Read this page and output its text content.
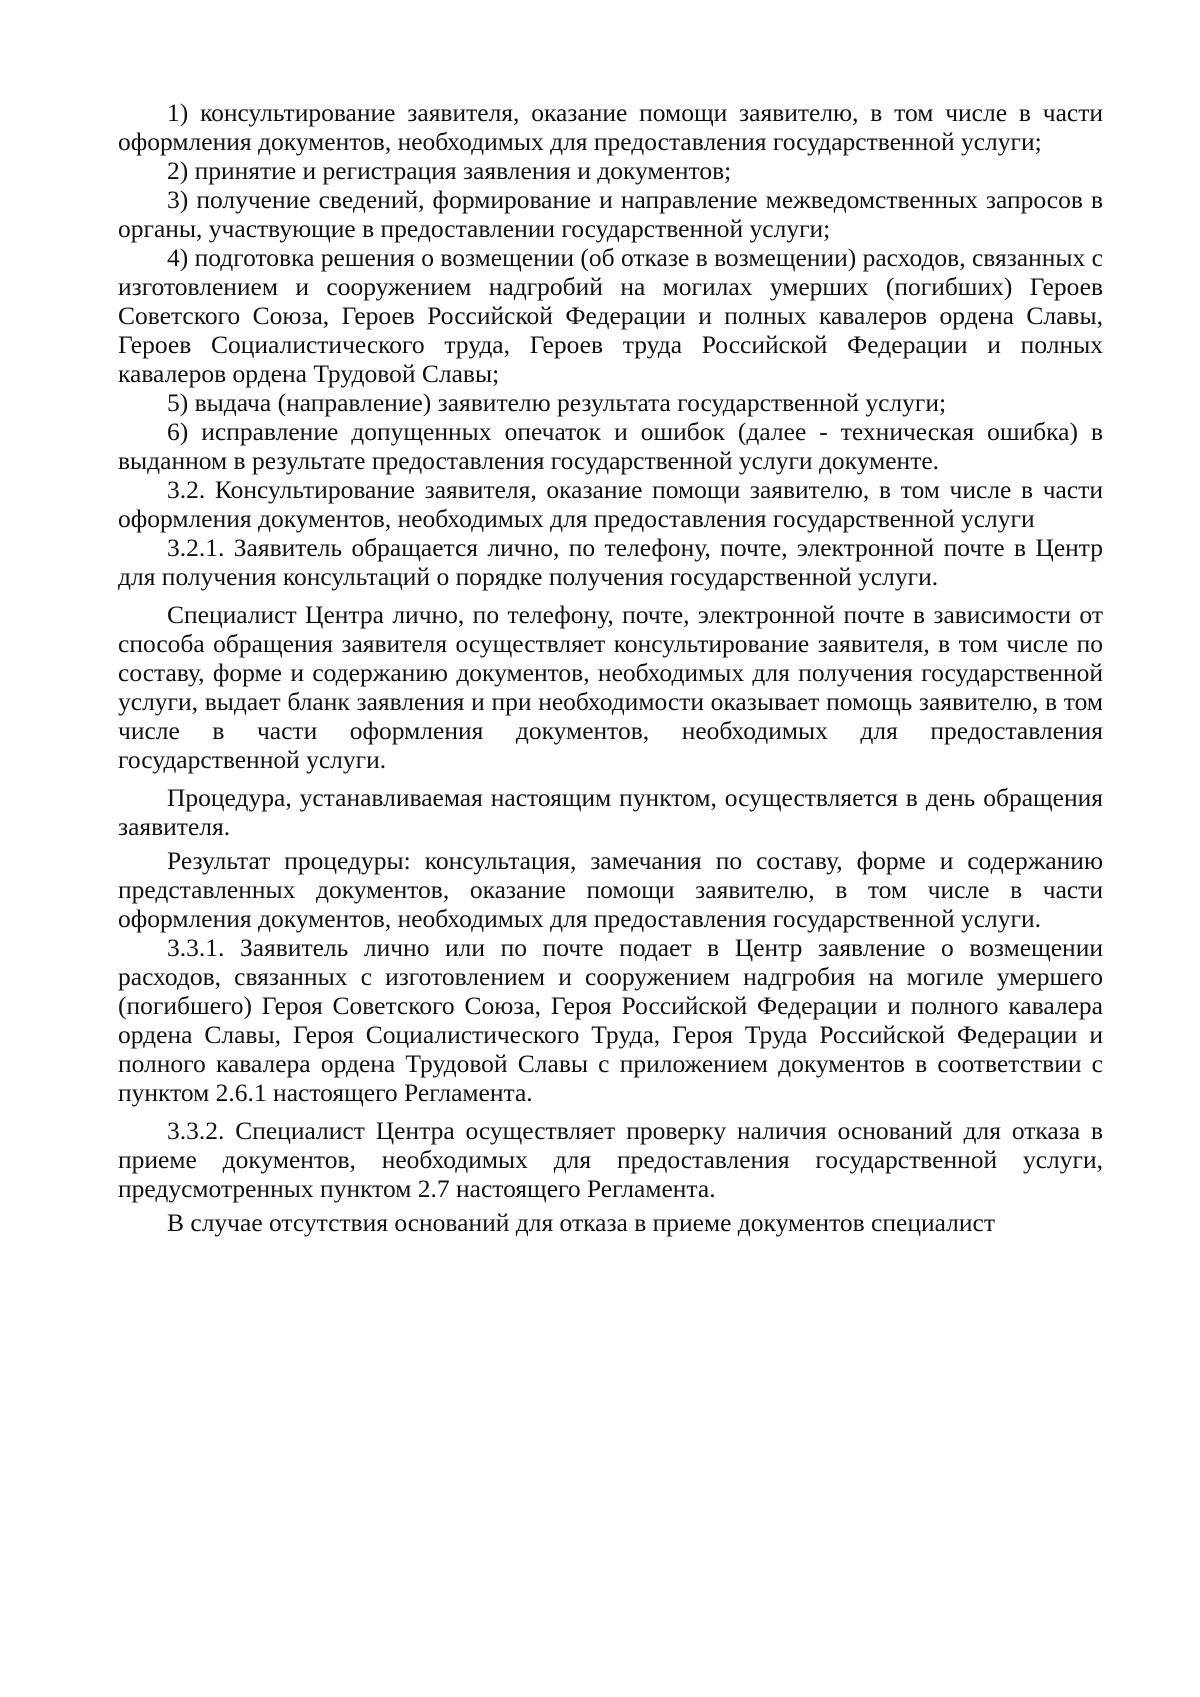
1) консультирование заявителя, оказание помощи заявителю, в том числе в части оформления документов, необходимых для предоставления государственной услуги;

2) принятие и регистрация заявления и документов;

3) получение сведений, формирование и направление межведомственных запросов в органы, участвующие в предоставлении государственной услуги;

4) подготовка решения о возмещении (об отказе в возмещении) расходов, связанных с изготовлением и сооружением надгробий на могилах умерших (погибших) Героев Советского Союза, Героев Российской Федерации и полных кавалеров ордена Славы, Героев Социалистического труда, Героев труда Российской Федерации и полных кавалеров ордена Трудовой Славы;

5) выдача (направление) заявителю результата государственной услуги;

6) исправление допущенных опечаток и ошибок (далее - техническая ошибка) в выданном в результате предоставления государственной услуги документе.

3.2. Консультирование заявителя, оказание помощи заявителю, в том числе в части оформления документов, необходимых для предоставления государственной услуги

3.2.1. Заявитель обращается лично, по телефону, почте, электронной почте в Центр для получения консультаций о порядке получения государственной услуги.

Специалист Центра лично, по телефону, почте, электронной почте в зависимости от способа обращения заявителя осуществляет консультирование заявителя, в том числе по составу, форме и содержанию документов, необходимых для получения государственной услуги, выдает бланк заявления и при необходимости оказывает помощь заявителю, в том числе в части оформления документов, необходимых для предоставления государственной услуги.

Процедура, устанавливаемая настоящим пунктом, осуществляется в день обращения заявителя.

Результат процедуры: консультация, замечания по составу, форме и содержанию представленных документов, оказание помощи заявителю, в том числе в части оформления документов, необходимых для предоставления государственной услуги.

3.3.1. Заявитель лично или по почте подает в Центр заявление о возмещении расходов, связанных с изготовлением и сооружением надгробия на могиле умершего (погибшего) Героя Советского Союза, Героя Российской Федерации и полного кавалера ордена Славы, Героя Социалистического Труда, Героя Труда Российской Федерации и полного кавалера ордена Трудовой Славы с приложением документов в соответствии с пунктом 2.6.1 настоящего Регламента.

3.3.2. Специалист Центра осуществляет проверку наличия оснований для отказа в приеме документов, необходимых для предоставления государственной услуги, предусмотренных пунктом 2.7 настоящего Регламента.

В случае отсутствия оснований для отказа в приеме документов специалист
